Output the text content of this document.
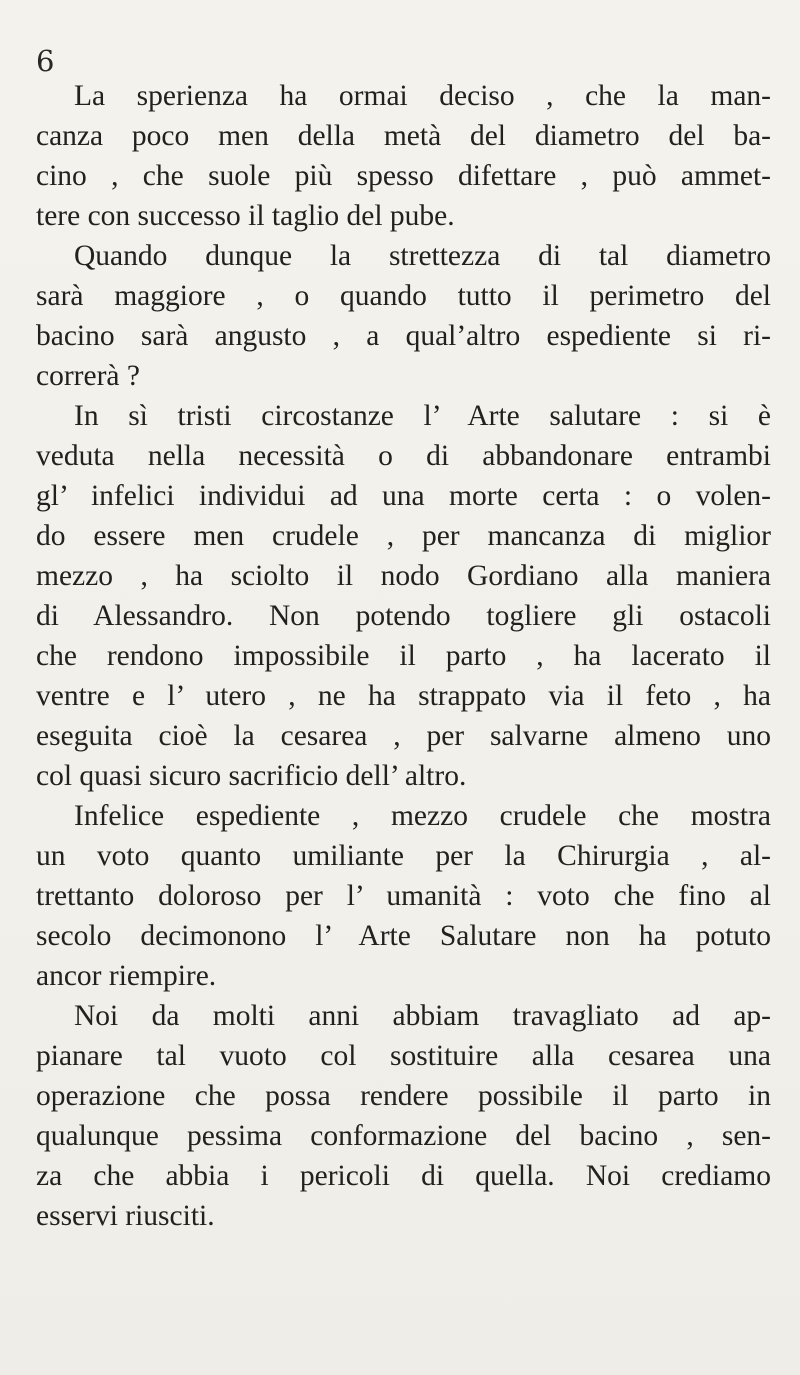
6
La sperienza ha ormai deciso , che la man-
canza poco men della metà del diametro del ba-
cino , che suole più spesso difettare , può ammet-
tere con successo il taglio del pube.
Quando dunque la strettezza di tal diametro
sarà maggiore , o quando tutto il perimetro del
bacino sarà angusto , a qual’altro espediente si ri-
correrà ?
In sì tristi circostanze l’ Arte salutare : si è
veduta nella necessità o di abbandonare entrambi
gl’ infelici individui ad una morte certa : o volen-
do essere men crudele , per mancanza di miglior
mezzo , ha sciolto il nodo Gordiano alla maniera
di Alessandro. Non potendo togliere gli ostacoli
che rendono impossibile il parto , ha lacerato il
ventre e l’ utero , ne ha strappato via il feto , ha
eseguita cioè la cesarea , per salvarne almeno uno
col quasi sicuro sacrificio dell’ altro.
Infelice espediente , mezzo crudele che mostra
un voto quanto umiliante per la Chirurgia , al-
trettanto doloroso per l’ umanità : voto che fino al
secolo decimonono l’ Arte Salutare non ha potuto
ancor riempire.
Noi da molti anni abbiam travagliato ad ap-
pianare tal vuoto col sostituire alla cesarea una
operazione che possa rendere possibile il parto in
qualunque pessima conformazione del bacino , sen-
za che abbia i pericoli di quella. Noi crediamo
esservi riusciti.
